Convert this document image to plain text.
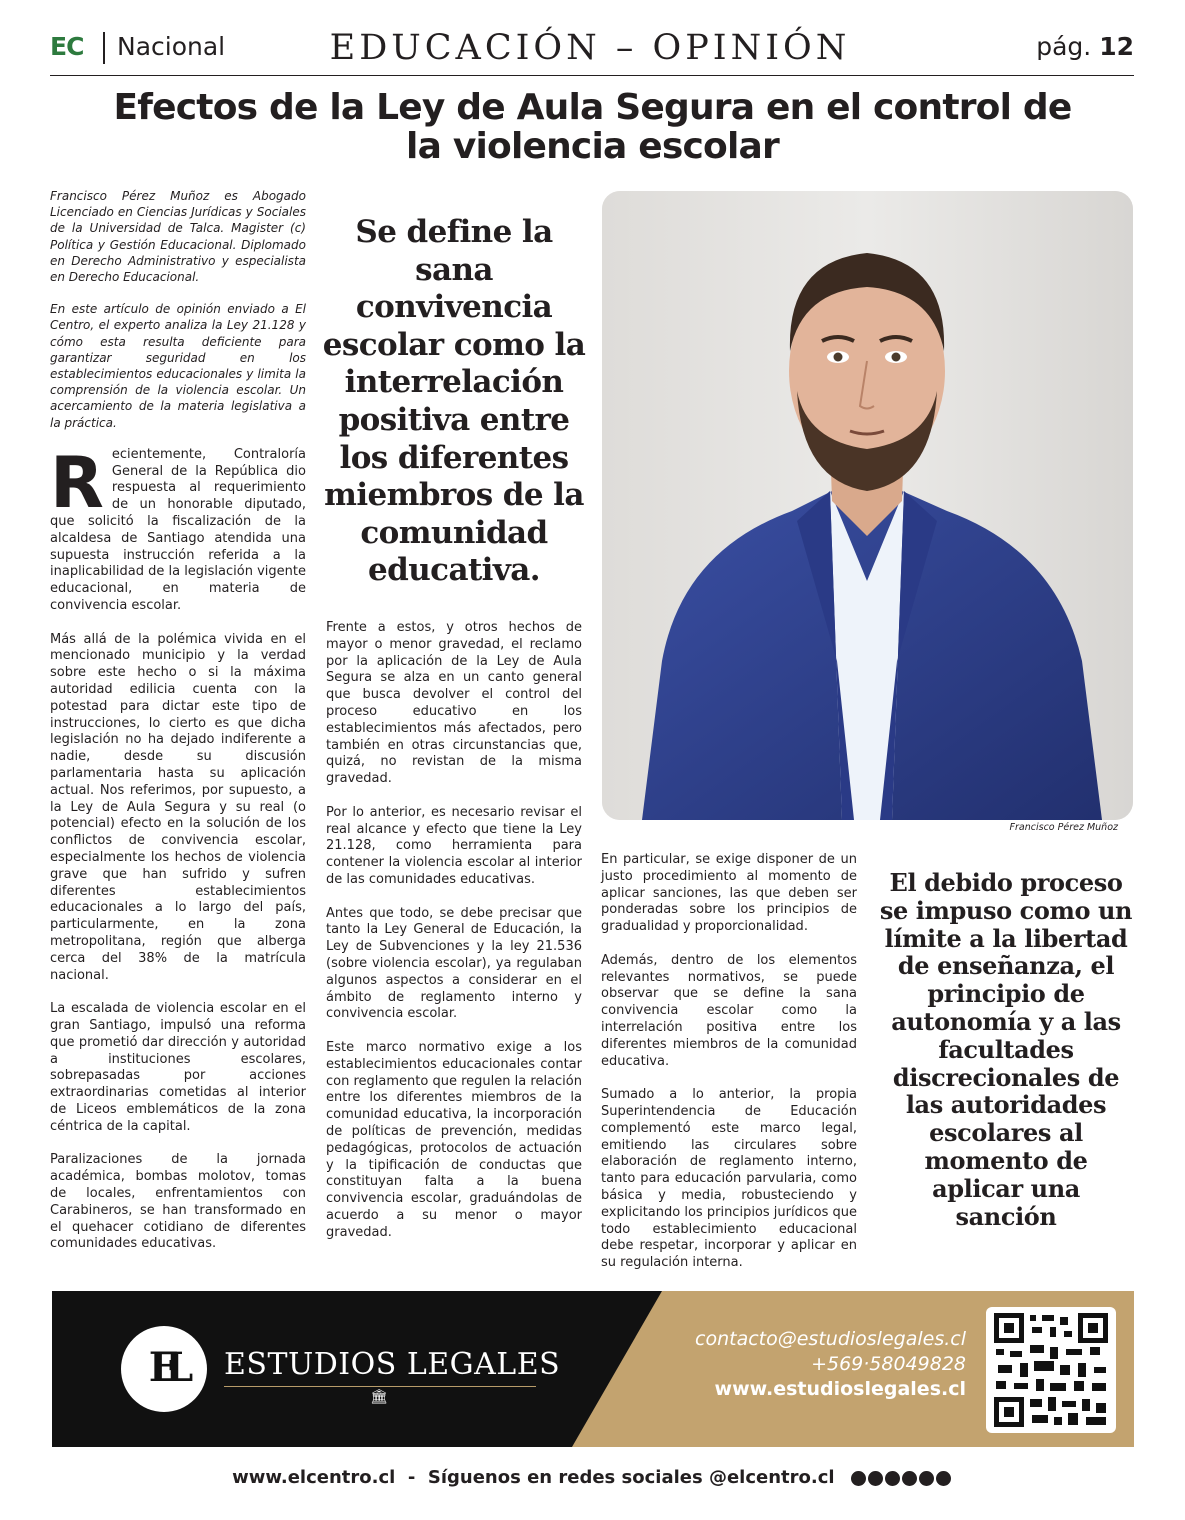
EC Nacional	EDUCACIÓN – OPINIÓN	pág. 12
Efectos de la Ley de Aula Segura en el control de la violencia escolar

Francisco Pérez Muñoz es Abogado Licenciado en Ciencias Jurídicas y Sociales de la Universidad de Talca. Magister (c) Política y Gestión Educacional. Diplomado en Derecho Administrativo y especialista en Derecho Educacional.

En este artículo de opinión enviado a El Centro, el experto analiza la Ley 21.128 y cómo esta resulta deficiente para garantizar seguridad en los establecimientos educacionales y limita la comprensión de la violencia escolar. Un acercamiento de la materia legislativa a la práctica.

Recientemente, Contraloría General de la República dio respuesta al requerimiento de un honorable diputado, que solicitó la fiscalización de la alcaldesa de Santiago atendida una supuesta instrucción referida a la inaplicabilidad de la legislación vigente educacional, en materia de convivencia escolar.

Más allá de la polémica vivida en el mencionado municipio y la verdad sobre este hecho o si la máxima autoridad edilicia cuenta con la potestad para dictar este tipo de instrucciones, lo cierto es que dicha legislación no ha dejado indiferente a nadie, desde su discusión parlamentaria hasta su aplicación actual. Nos referimos, por supuesto, a la Ley de Aula Segura y su real (o potencial) efecto en la solución de los conflictos de convivencia escolar, especialmente los hechos de violencia grave que han sufrido y sufren diferentes establecimientos educacionales a lo largo del país, particularmente, en la zona metropolitana, región que alberga cerca del 38% de la matrícula nacional.

La escalada de violencia escolar en el gran Santiago, impulsó una reforma que prometió dar dirección y autoridad a instituciones escolares, sobrepasadas por acciones extraordinarias cometidas al interior de Liceos emblemáticos de la zona céntrica de la capital.

Paralizaciones de la jornada académica, bombas molotov, tomas de locales, enfrentamientos con Carabineros, se han transformado en el quehacer cotidiano de diferentes comunidades educativas.

Se define la sana convivencia escolar como la interrelación positiva entre los diferentes miembros de la comunidad educativa.

Frente a estos, y otros hechos de mayor o menor gravedad, el reclamo por la aplicación de la Ley de Aula Segura se alza en un canto general que busca devolver el control del proceso educativo en los establecimientos más afectados, pero también en otras circunstancias que, quizá, no revistan de la misma gravedad.

Por lo anterior, es necesario revisar el real alcance y efecto que tiene la Ley 21.128, como herramienta para contener la violencia escolar al interior de las comunidades educativas.

Antes que todo, se debe precisar que tanto la Ley General de Educación, la Ley de Subvenciones y la ley 21.536 (sobre violencia escolar), ya regulaban algunos aspectos a considerar en el ámbito de reglamento interno y convivencia escolar.

Este marco normativo exige a los establecimientos educacionales contar con reglamento que regulen la relación entre los diferentes miembros de la comunidad educativa, la incorporación de políticas de prevención, medidas pedagógicas, protocolos de actuación y la tipificación de conductas que constituyan falta a la buena convivencia escolar, graduándolas de acuerdo a su menor o mayor gravedad.

Francisco Pérez Muñoz

En particular, se exige disponer de un justo procedimiento al momento de aplicar sanciones, las que deben ser ponderadas sobre los principios de gradualidad y proporcionalidad.

Además, dentro de los elementos relevantes normativos, se puede observar que se define la sana convivencia escolar como la interrelación positiva entre los diferentes miembros de la comunidad educativa.

Sumado a lo anterior, la propia Superintendencia de Educación complementó este marco legal, emitiendo las circulares sobre elaboración de reglamento interno, tanto para educación parvularia, como básica y media, robusteciendo y explicitando los principios jurídicos que todo establecimiento educacional debe respetar, incorporar y aplicar en su regulación interna.

El debido proceso se impuso como un límite a la libertad de enseñanza, el principio de autonomía y a las facultades discrecionales de las autoridades escolares al momento de aplicar una sanción
EL	ESTUDIOS LEGALES
🏛
contacto@estudioslegales.cl
+569·58049828
www.estudioslegales.cl
www.elcentro.cl - Síguenos en redes sociales @elcentro.cl
